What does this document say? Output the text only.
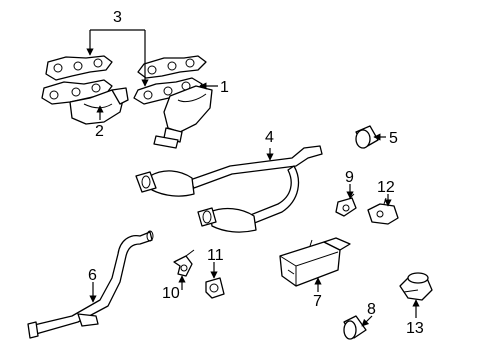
3
1
2	4	5
9
12
6
11
10	7	8
13
